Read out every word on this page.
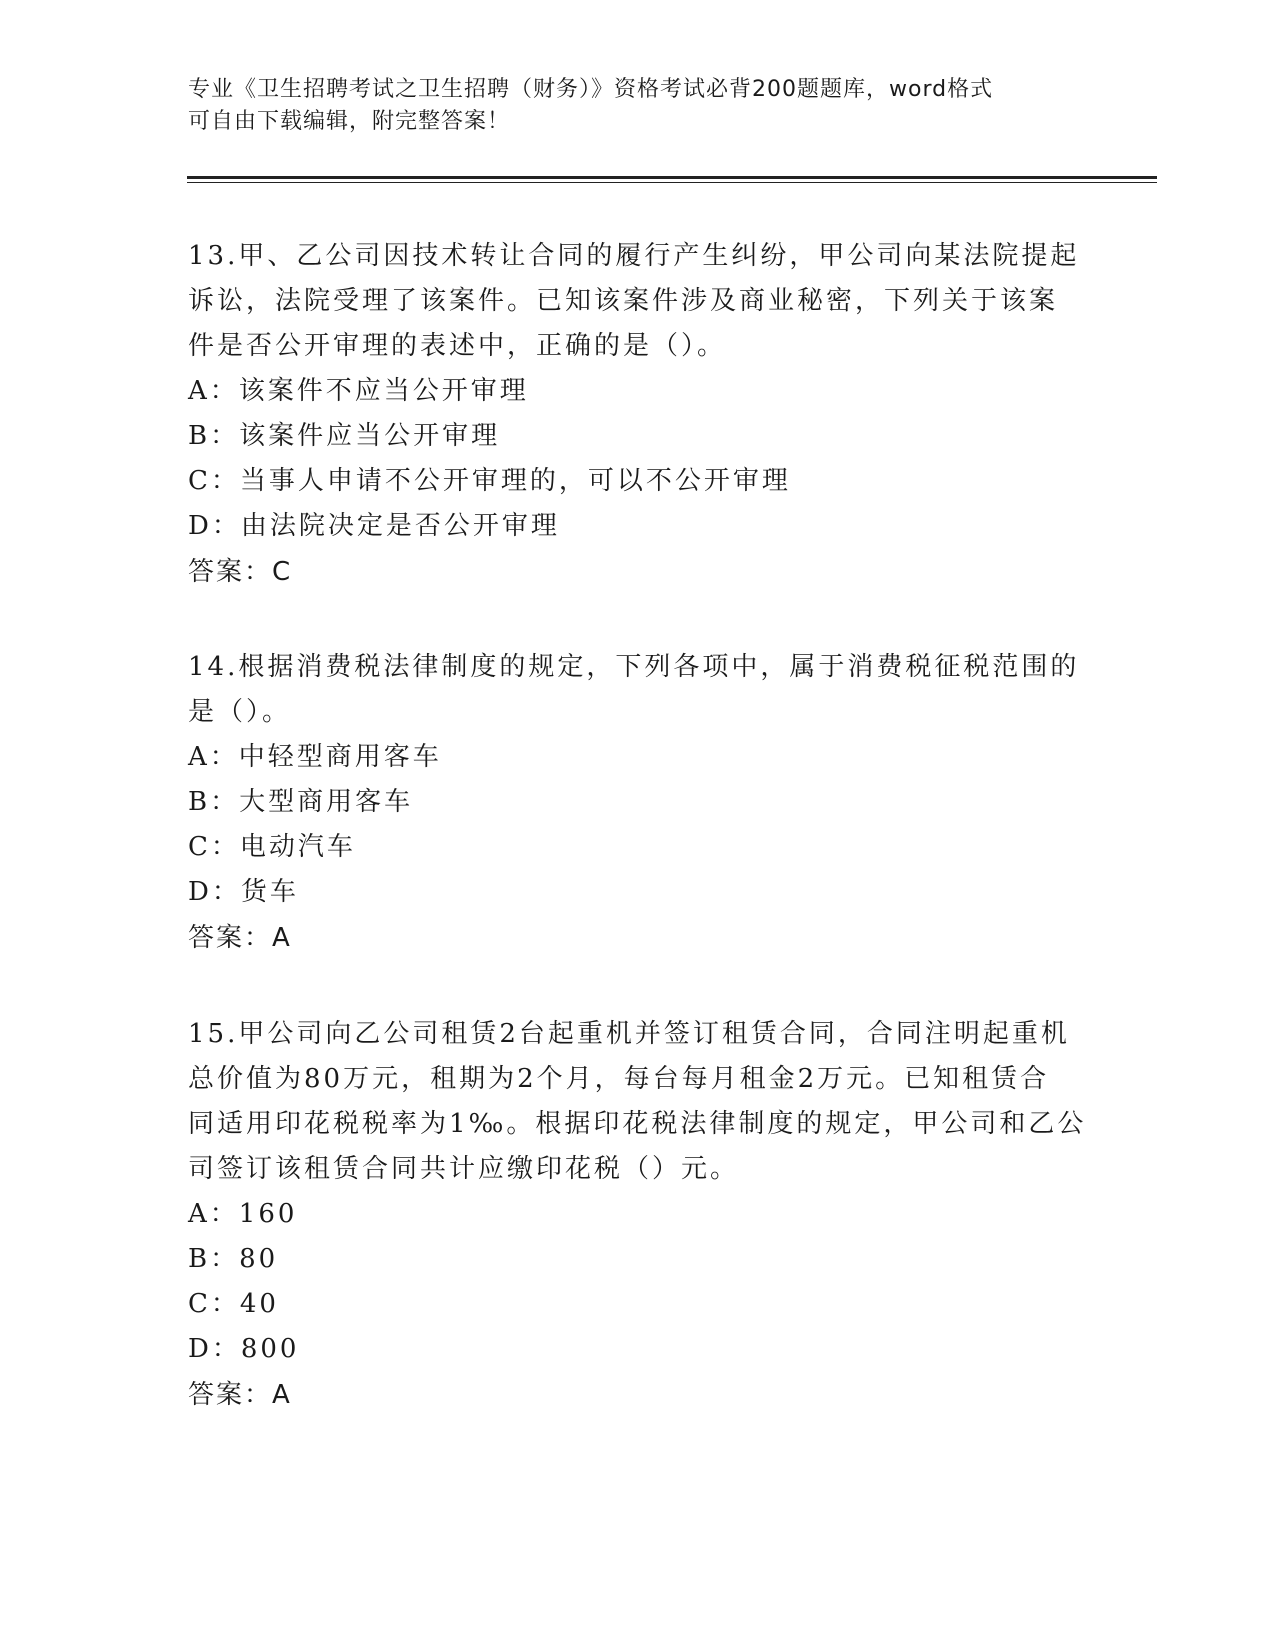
专业《卫生招聘考试之卫生招聘（财务）》资格考试必背200题题库，word格式
可自由下载编辑，附完整答案！
13.甲、乙公司因技术转让合同的履行产生纠纷，甲公司向某法院提起
诉讼，法院受理了该案件。已知该案件涉及商业秘密，下列关于该案
件是否公开审理的表述中，正确的是（）。
A：该案件不应当公开审理
B：该案件应当公开审理
C：当事人申请不公开审理的，可以不公开审理
D：由法院决定是否公开审理
答案：C
14.根据消费税法律制度的规定，下列各项中，属于消费税征税范围的
是（）。
A：中轻型商用客车
B：大型商用客车
C：电动汽车
D：货车
答案：A
15.甲公司向乙公司租赁2台起重机并签订租赁合同，合同注明起重机
总价值为80万元，租期为2个月，每台每月租金2万元。已知租赁合
同适用印花税税率为1‰。根据印花税法律制度的规定，甲公司和乙公
司签订该租赁合同共计应缴印花税（）元。
A：160
B：80
C：40
D：800
答案：A
